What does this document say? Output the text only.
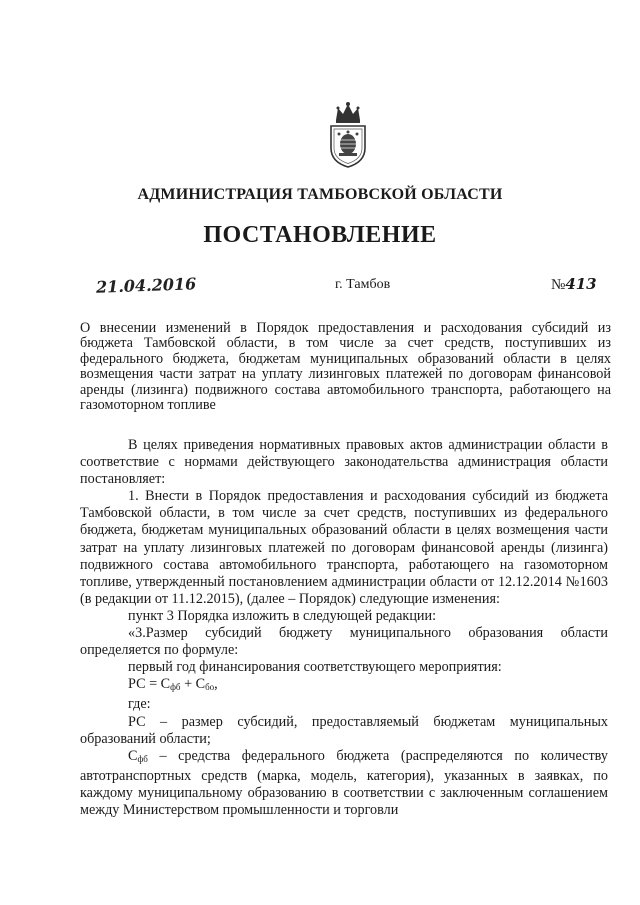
АДМИНИСТРАЦИЯ ТАМБОВСКОЙ ОБЛАСТИ
ПОСТАНОВЛЕНИЕ
21.04.2016	г. Тамбов	№413
О внесении изменений в Порядок предоставления и расходования субсидий из бюджета Тамбовской области, в том числе за счет средств, поступивших из федерального бюджета, бюджетам муниципальных образований области в целях возмещения части затрат на уплату лизинговых платежей по договорам финансовой аренды (лизинга) подвижного состава автомобильного транспорта, работающего на газомоторном топливе

В целях приведения нормативных правовых актов администрации области в соответствие с нормами действующего законодательства администрация области постановляет:

1. Внести в Порядок предоставления и расходования субсидий из бюджета Тамбовской области, в том числе за счет средств, поступивших из федерального бюджета, бюджетам муниципальных образований области в целях возмещения части затрат на уплату лизинговых платежей по договорам финансовой аренды (лизинга) подвижного состава автомобильного транспорта, работающего на газомоторном топливе, утвержденный постановлением администрации области от 12.12.2014 №1603 (в редакции от 11.12.2015), (далее – Порядок) следующие изменения:

пункт 3 Порядка изложить в следующей редакции:

«3.Размер субсидий бюджету муниципального образования области определяется по формуле:

первый год финансирования соответствующего мероприятия:

РС = $С_{фб} + С_{бо}$,

где:

РС – размер субсидий, предоставляемый бюджетам муниципальных образований области;

$С_{фб}$ – средства федерального бюджета (распределяются по количеству автотранспортных средств (марка, модель, категория), указанных в заявках, по каждому муниципальному образованию в соответствии с заключенным соглашением между Министерством промышленности и торговли
